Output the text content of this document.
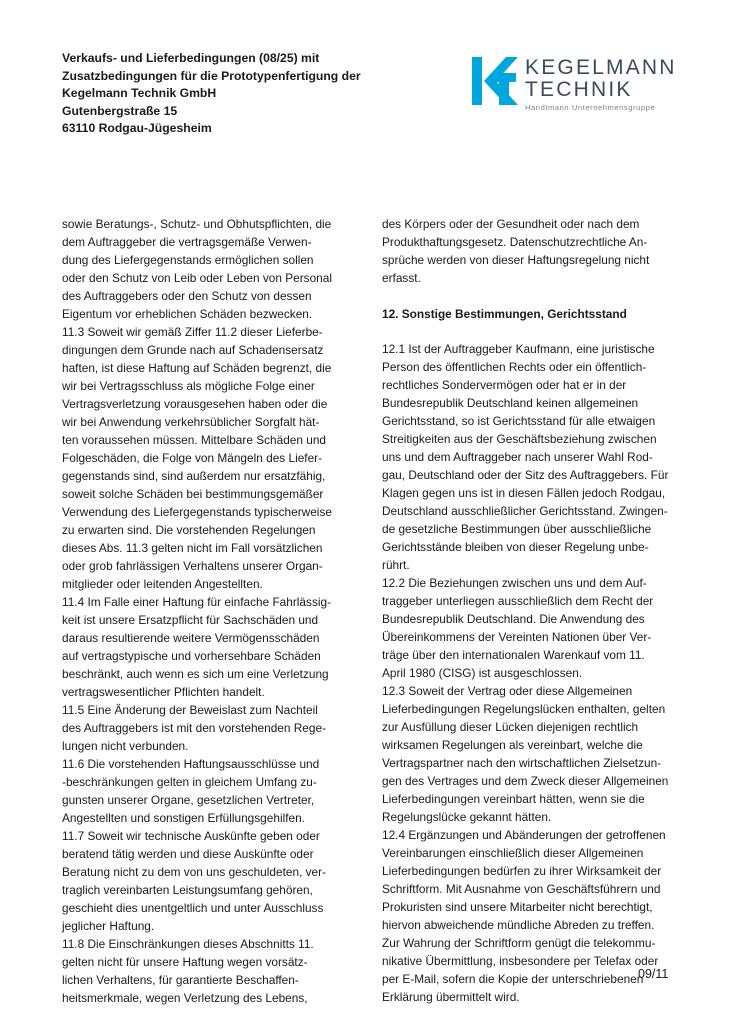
Verkaufs- und Lieferbedingungen (08/25) mit
Zusatzbedingungen für die Prototypenfertigung der
Kegelmann Technik GmbH
Gutenbergstraße 15
63110 Rodgau-Jügesheim
KEGELMANN
TECHNIK
Handtmann Unternehmensgruppe
sowie Beratungs-, Schutz- und Obhutspflichten, die
dem Auftraggeber die vertragsgemäße Verwen-
dung des Liefergegenstands ermöglichen sollen
oder den Schutz von Leib oder Leben von Personal
des Auftraggebers oder den Schutz von dessen
Eigentum vor erheblichen Schäden bezwecken.
11.3 Soweit wir gemäß Ziffer 11.2 dieser Lieferbe-
dingungen dem Grunde nach auf Schadensersatz
haften, ist diese Haftung auf Schäden begrenzt, die
wir bei Vertragsschluss als mögliche Folge einer
Vertragsverletzung vorausgesehen haben oder die
wir bei Anwendung verkehrsüblicher Sorgfalt hät-
ten voraussehen müssen. Mittelbare Schäden und
Folgeschäden, die Folge von Mängeln des Liefer-
gegenstands sind, sind außerdem nur ersatzfähig,
soweit solche Schäden bei bestimmungsgemäßer
Verwendung des Liefergegenstands typischerweise
zu erwarten sind. Die vorstehenden Regelungen
dieses Abs. 11.3 gelten nicht im Fall vorsätzlichen
oder grob fahrlässigen Verhaltens unserer Organ-
mitglieder oder leitenden Angestellten.
11.4 Im Falle einer Haftung für einfache Fahrlässig-
keit ist unsere Ersatzpflicht für Sachschäden und
daraus resultierende weitere Vermögensschäden
auf vertragstypische und vorhersehbare Schäden
beschränkt, auch wenn es sich um eine Verletzung
vertragswesentlicher Pflichten handelt.
11.5 Eine Änderung der Beweislast zum Nachteil
des Auftraggebers ist mit den vorstehenden Rege-
lungen nicht verbunden.
11.6 Die vorstehenden Haftungsausschlüsse und
-beschränkungen gelten in gleichem Umfang zu-
gunsten unserer Organe, gesetzlichen Vertreter,
Angestellten und sonstigen Erfüllungsgehilfen.
11.7 Soweit wir technische Auskünfte geben oder
beratend tätig werden und diese Auskünfte oder
Beratung nicht zu dem von uns geschuldeten, ver-
traglich vereinbarten Leistungsumfang gehören,
geschieht dies unentgeltlich und unter Ausschluss
jeglicher Haftung.
11.8 Die Einschränkungen dieses Abschnitts 11.
gelten nicht für unsere Haftung wegen vorsätz-
lichen Verhaltens, für garantierte Beschaffen-
heitsmerkmale, wegen Verletzung des Lebens,
des Körpers oder der Gesundheit oder nach dem
Produkthaftungsgesetz. Datenschutzrechtliche An-
sprüche werden von dieser Haftungsregelung nicht
erfasst.
12. Sonstige Bestimmungen, Gerichtsstand
12.1 Ist der Auftraggeber Kaufmann, eine juristische
Person des öffentlichen Rechts oder ein öffentlich-
rechtliches Sondervermögen oder hat er in der
Bundesrepublik Deutschland keinen allgemeinen
Gerichtsstand, so ist Gerichtsstand für alle etwaigen
Streitigkeiten aus der Geschäftsbeziehung zwischen
uns und dem Auftraggeber nach unserer Wahl Rod-
gau, Deutschland oder der Sitz des Auftraggebers. Für
Klagen gegen uns ist in diesen Fällen jedoch Rodgau,
Deutschland ausschließlicher Gerichtsstand. Zwingen-
de gesetzliche Bestimmungen über ausschließliche
Gerichtsstände bleiben von dieser Regelung unbe-
rührt.
12.2 Die Beziehungen zwischen uns und dem Auf-
traggeber unterliegen ausschließlich dem Recht der
Bundesrepublik Deutschland. Die Anwendung des
Übereinkommens der Vereinten Nationen über Ver-
träge über den internationalen Warenkauf vom 11.
April 1980 (CISG) ist ausgeschlossen.
12.3 Soweit der Vertrag oder diese Allgemeinen
Lieferbedingungen Regelungslücken enthalten, gelten
zur Ausfüllung dieser Lücken diejenigen rechtlich
wirksamen Regelungen als vereinbart, welche die
Vertragspartner nach den wirtschaftlichen Zielsetzun-
gen des Vertrages und dem Zweck dieser Allgemeinen
Lieferbedingungen vereinbart hätten, wenn sie die
Regelungslücke gekannt hätten.
12.4 Ergänzungen und Abänderungen der getroffenen
Vereinbarungen einschließlich dieser Allgemeinen
Lieferbedingungen bedürfen zu ihrer Wirksamkeit der
Schriftform. Mit Ausnahme von Geschäftsführern und
Prokuristen sind unsere Mitarbeiter nicht berechtigt,
hiervon abweichende mündliche Abreden zu treffen.
Zur Wahrung der Schriftform genügt die telekommu-
nikative Übermittlung, insbesondere per Telefax oder
per E-Mail, sofern die Kopie der unterschriebenen
Erklärung übermittelt wird.
09/11
